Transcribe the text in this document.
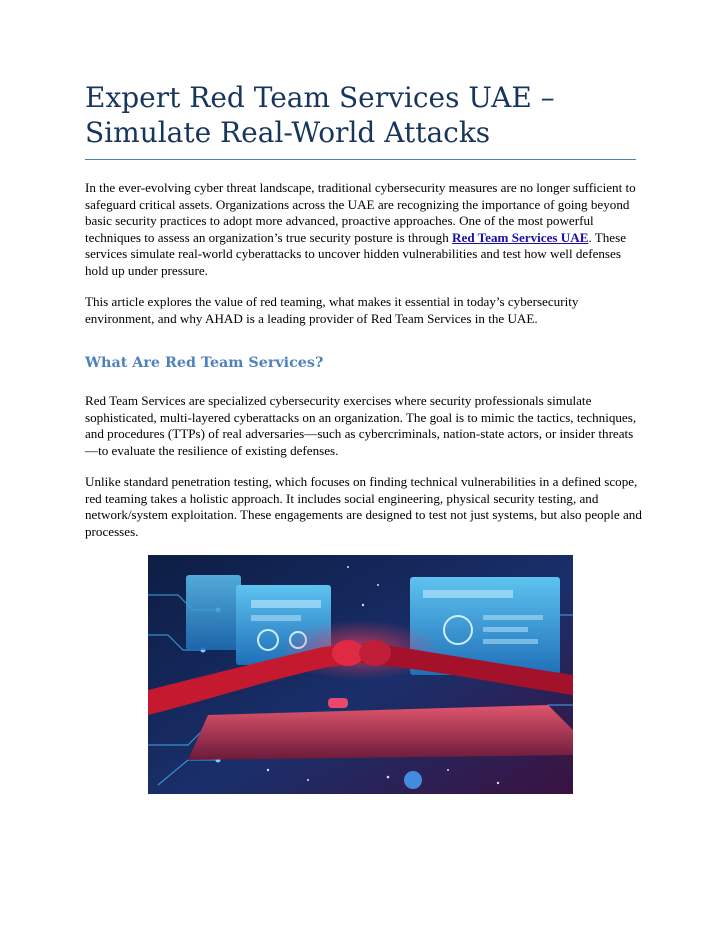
Expert Red Team Services UAE –
Simulate Real-World Attacks

In the ever-evolving cyber threat landscape, traditional cybersecurity measures are no longer sufficient to safeguard critical assets. Organizations across the UAE are recognizing the importance of going beyond basic security practices to adopt more advanced, proactive approaches. One of the most powerful techniques to assess an organization’s true security posture is through Red Team Services UAE. These services simulate real-world cyberattacks to uncover hidden vulnerabilities and test how well defenses hold up under pressure.

This article explores the value of red teaming, what makes it essential in today’s cybersecurity environment, and why AHAD is a leading provider of Red Team Services in the UAE.

What Are Red Team Services?

Red Team Services are specialized cybersecurity exercises where security professionals simulate sophisticated, multi-layered cyberattacks on an organization. The goal is to mimic the tactics, techniques, and procedures (TTPs) of real adversaries—such as cybercriminals, nation-state actors, or insider threats—to evaluate the resilience of existing defenses.

Unlike standard penetration testing, which focuses on finding technical vulnerabilities in a defined scope, red teaming takes a holistic approach. It includes social engineering, physical security testing, and network/system exploitation. These engagements are designed to test not just systems, but also people and processes.
